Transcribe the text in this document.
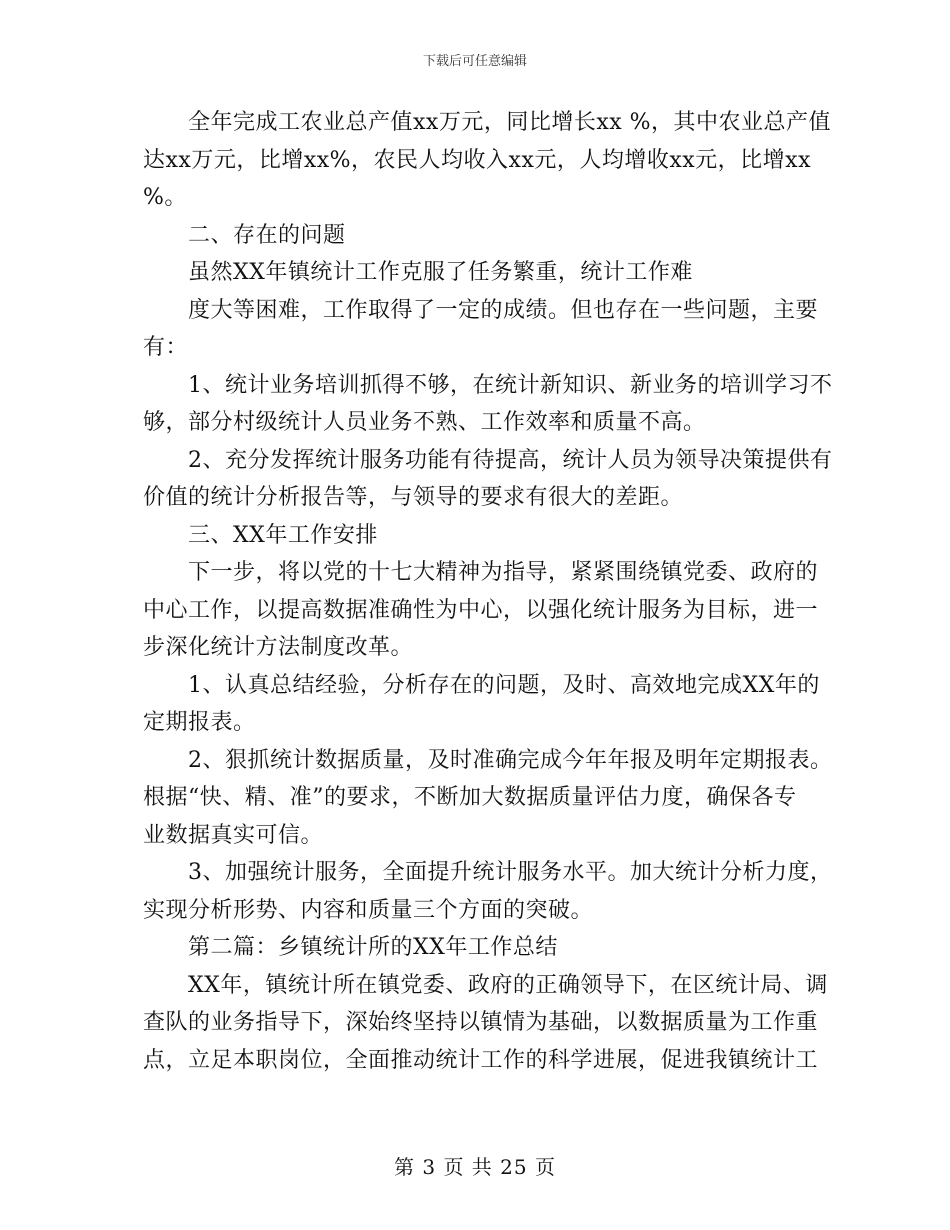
下载后可任意编辑

全年完成工农业总产值xx万元，同比增长xx %，其中农业总产值

达xx万元，比增xx%，农民人均收入xx元，人均增收xx元，比增xx

%。

二、存在的问题

虽然XX年镇统计工作克服了任务繁重，统计工作难

度大等困难，工作取得了一定的成绩。但也存在一些问题，主要

有：

1、统计业务培训抓得不够，在统计新知识、新业务的培训学习不

够，部分村级统计人员业务不熟、工作效率和质量不高。

2、充分发挥统计服务功能有待提高，统计人员为领导决策提供有

价值的统计分析报告等，与领导的要求有很大的差距。

三、XX年工作安排

下一步，将以党的十七大精神为指导，紧紧围绕镇党委、政府的

中心工作，以提高数据准确性为中心，以强化统计服务为目标，进一

步深化统计方法制度改革。

1、认真总结经验，分析存在的问题，及时、高效地完成XX年的

定期报表。

2、狠抓统计数据质量，及时准确完成今年年报及明年定期报表。

根据“快、精、准”的要求，不断加大数据质量评估力度，确保各专

业数据真实可信。

3、加强统计服务，全面提升统计服务水平。加大统计分析力度，

实现分析形势、内容和质量三个方面的突破。

第二篇：乡镇统计所的XX年工作总结

XX年，镇统计所在镇党委、政府的正确领导下，在区统计局、调

查队的业务指导下，深始终坚持以镇情为基础，以数据质量为工作重

点，立足本职岗位，全面推动统计工作的科学进展，促进我镇统计工

第 3 页 共 25 页
